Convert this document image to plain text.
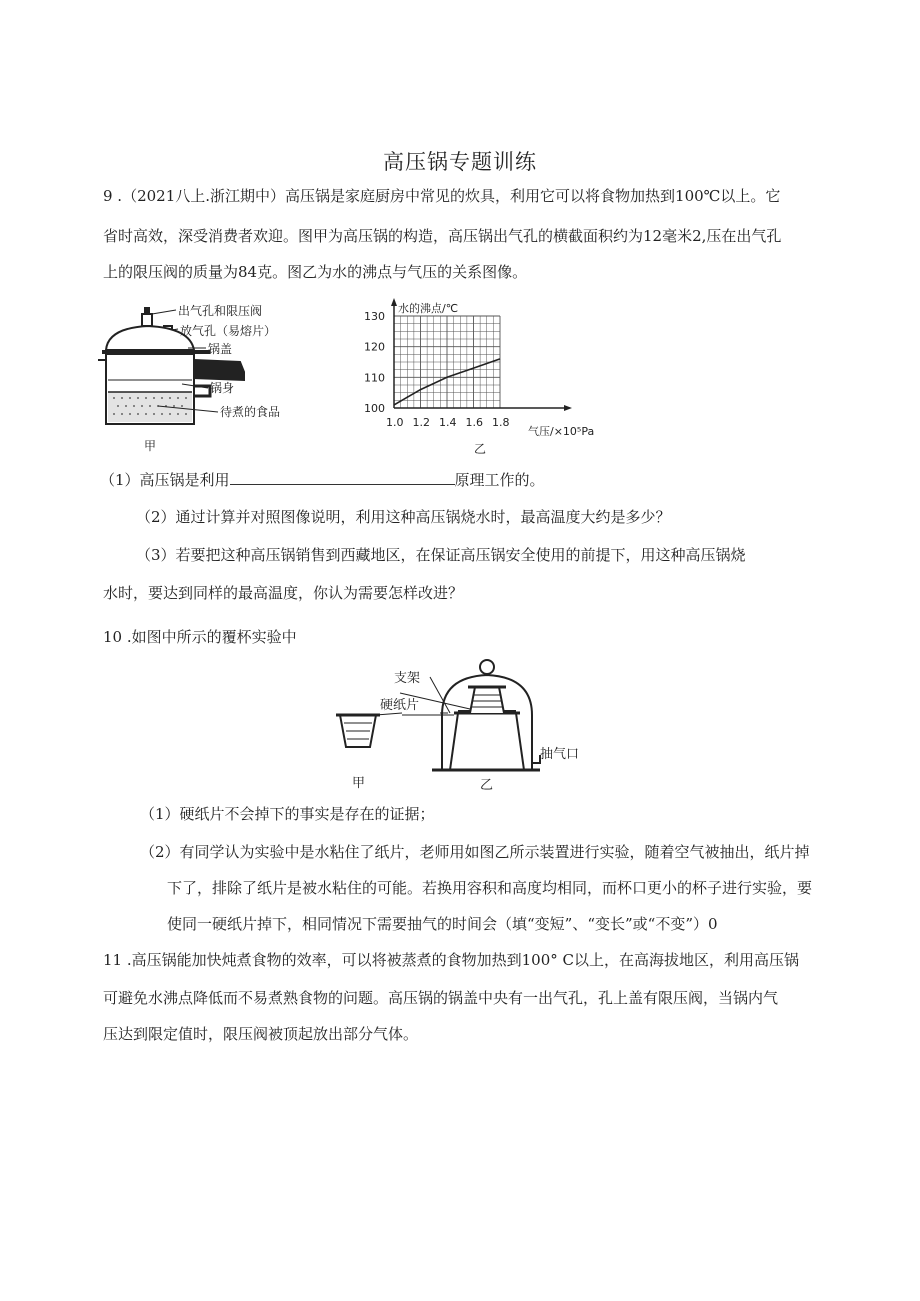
高压锅专题训练
9 .（2021八上.浙江期中）高压锅是家庭厨房中常见的炊具，利用它可以将食物加热到100℃以上。它
省时高效，深受消费者欢迎。图甲为高压锅的构造，高压锅出气孔的横截面积约为12毫米2,压在出气孔
上的限压阀的质量为84克。图乙为水的沸点与气压的关系图像。
出气孔和限压阀
放气孔（易熔片）
锅盖
锅身
待煮的食品
甲
1.0 1.2 1.4 1.6 1.8
100
110
120
130
水的沸点/℃
气压/×10⁵Pa
乙
（1）高压锅是利用	原理工作的。
（2）通过计算并对照图像说明，利用这种高压锅烧水时，最高温度大约是多少？
（3）若要把这种高压锅销售到西藏地区，在保证高压锅安全使用的前提下，用这种高压锅烧
水时，要达到同样的最高温度，你认为需要怎样改进？
10 .如图中所示的覆杯实验中
支架
硬纸片
抽气口
甲	乙
（1）硬纸片不会掉下的事实是存在的证据；
（2）有同学认为实验中是水粘住了纸片，老师用如图乙所示装置进行实验，随着空气被抽出，纸片掉
下了，排除了纸片是被水粘住的可能。若换用容积和高度均相同，而杯口更小的杯子进行实验，要
使同一硬纸片掉下，相同情况下需要抽气的时间会（填“变短”、“变长”或“不变”）0
11 .高压锅能加快炖煮食物的效率，可以将被蒸煮的食物加热到100° C以上，在高海拔地区，利用高压锅
可避免水沸点降低而不易煮熟食物的问题。高压锅的锅盖中央有一出气孔，孔上盖有限压阀，当锅内气
压达到限定值时，限压阀被顶起放出部分气体。
